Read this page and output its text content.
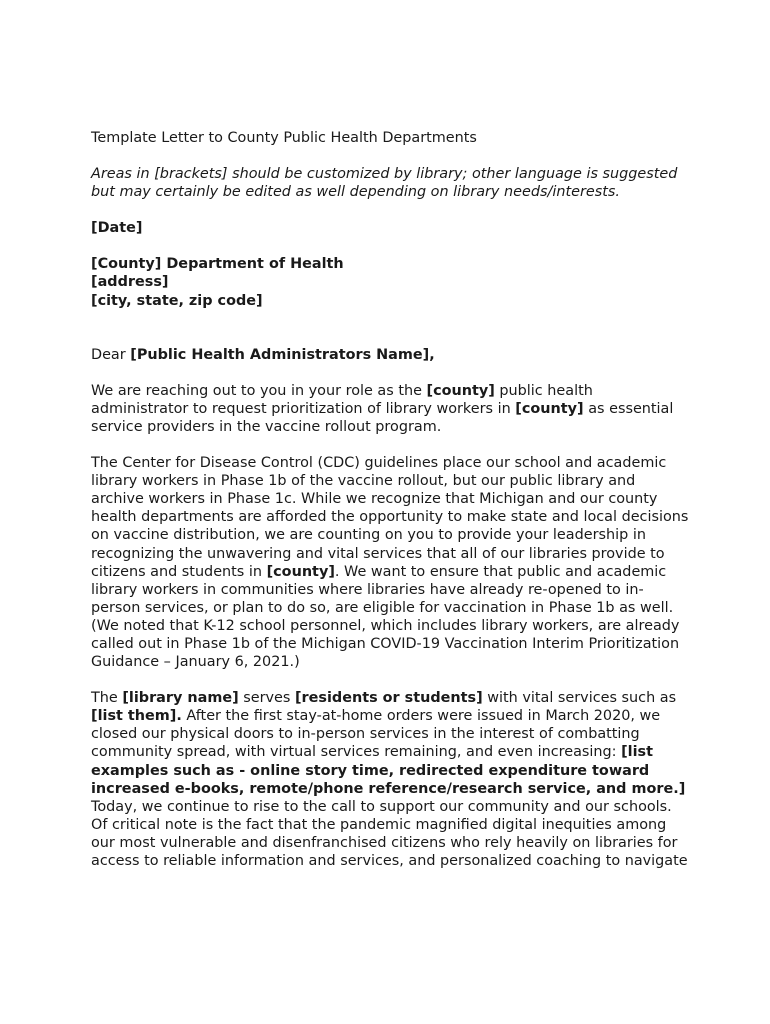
Template Letter to County Public Health Departments

Areas in [brackets] should be customized by library; other language is suggested but may certainly be edited as well depending on library needs/interests.

[Date]

[County] Department of Health

[address]

[city, state, zip code]

Dear [Public Health Administrators Name],

We are reaching out to you in your role as the [county] public health administrator to request prioritization of library workers in [county] as essential service providers in the vaccine rollout program.

The Center for Disease Control (CDC) guidelines place our school and academic library workers in Phase 1b of the vaccine rollout, but our public library and archive workers in Phase 1c. While we recognize that Michigan and our county health departments are afforded the opportunity to make state and local decisions on vaccine distribution, we are counting on you to provide your leadership in recognizing the unwavering and vital services that all of our libraries provide to citizens and students in [county]. We want to ensure that public and academic library workers in communities where libraries have already re-opened to in-person services, or plan to do so, are eligible for vaccination in Phase 1b as well. (We noted that K-12 school personnel, which includes library workers, are already called out in Phase 1b of the Michigan COVID-19 Vaccination Interim Prioritization Guidance – January 6, 2021.)

The [library name] serves [residents or students] with vital services such as [list them]. After the first stay-at-home orders were issued in March 2020, we closed our physical doors to in-person services in the interest of combatting community spread, with virtual services remaining, and even increasing: [list examples such as - online story time, redirected expenditure toward increased e-books, remote/phone reference/research service, and more.] Today, we continue to rise to the call to support our community and our schools. Of critical note is the fact that the pandemic magnified digital inequities among our most vulnerable and disenfranchised citizens who rely heavily on libraries for access to reliable information and services, and personalized coaching to navigate
